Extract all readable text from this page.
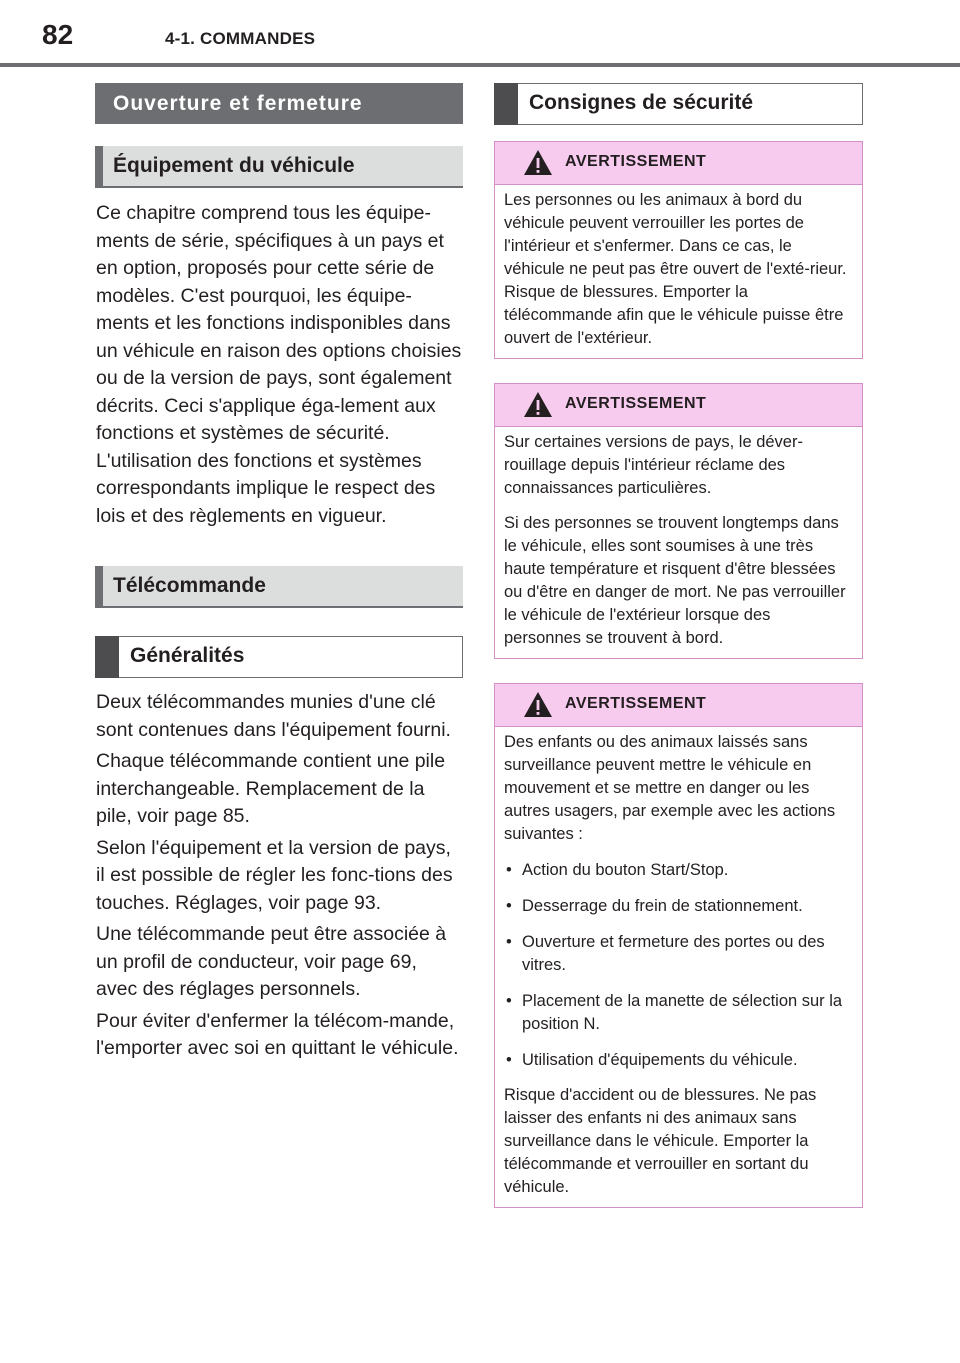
82	4-1. COMMANDES
Ouverture et fermeture
Équipement du véhicule

Ce chapitre comprend tous les équipe-ments de série, spécifiques à un pays et en option, proposés pour cette série de modèles. C'est pourquoi, les équipe-ments et les fonctions indisponibles dans un véhicule en raison des options choisies ou de la version de pays, sont également décrits. Ceci s'applique éga-lement aux fonctions et systèmes de sécurité. L'utilisation des fonctions et systèmes correspondants implique le respect des lois et des règlements en vigueur.

Télécommande
Généralités

Deux télécommandes munies d'une clé sont contenues dans l'équipement fourni.

Chaque télécommande contient une pile interchangeable. Remplacement de la pile, voir page 85.

Selon l'équipement et la version de pays, il est possible de régler les fonc-tions des touches. Réglages, voir page 93.

Une télécommande peut être associée à un profil de conducteur, voir page 69, avec des réglages personnels.

Pour éviter d'enfermer la télécom-mande, l'emporter avec soi en quittant le véhicule.

Consignes de sécurité
AVERTISSEMENT

Les personnes ou les animaux à bord du véhicule peuvent verrouiller les portes de l'intérieur et s'enfermer. Dans ce cas, le véhicule ne peut pas être ouvert de l'exté-rieur. Risque de blessures. Emporter la télécommande afin que le véhicule puisse être ouvert de l'extérieur.

AVERTISSEMENT

Sur certaines versions de pays, le déver-rouillage depuis l'intérieur réclame des connaissances particulières.

Si des personnes se trouvent longtemps dans le véhicule, elles sont soumises à une très haute température et risquent d'être blessées ou d'être en danger de mort. Ne pas verrouiller le véhicule de l'extérieur lorsque des personnes se trouvent à bord.

AVERTISSEMENT

Des enfants ou des animaux laissés sans surveillance peuvent mettre le véhicule en mouvement et se mettre en danger ou les autres usagers, par exemple avec les actions suivantes :

• Action du bouton Start/Stop.

• Desserrage du frein de stationnement.

• Ouverture et fermeture des portes ou des vitres.

• Placement de la manette de sélection sur la position N.

• Utilisation d'équipements du véhicule.

Risque d'accident ou de blessures. Ne pas laisser des enfants ni des animaux sans surveillance dans le véhicule. Emporter la télécommande et verrouiller en sortant du véhicule.
